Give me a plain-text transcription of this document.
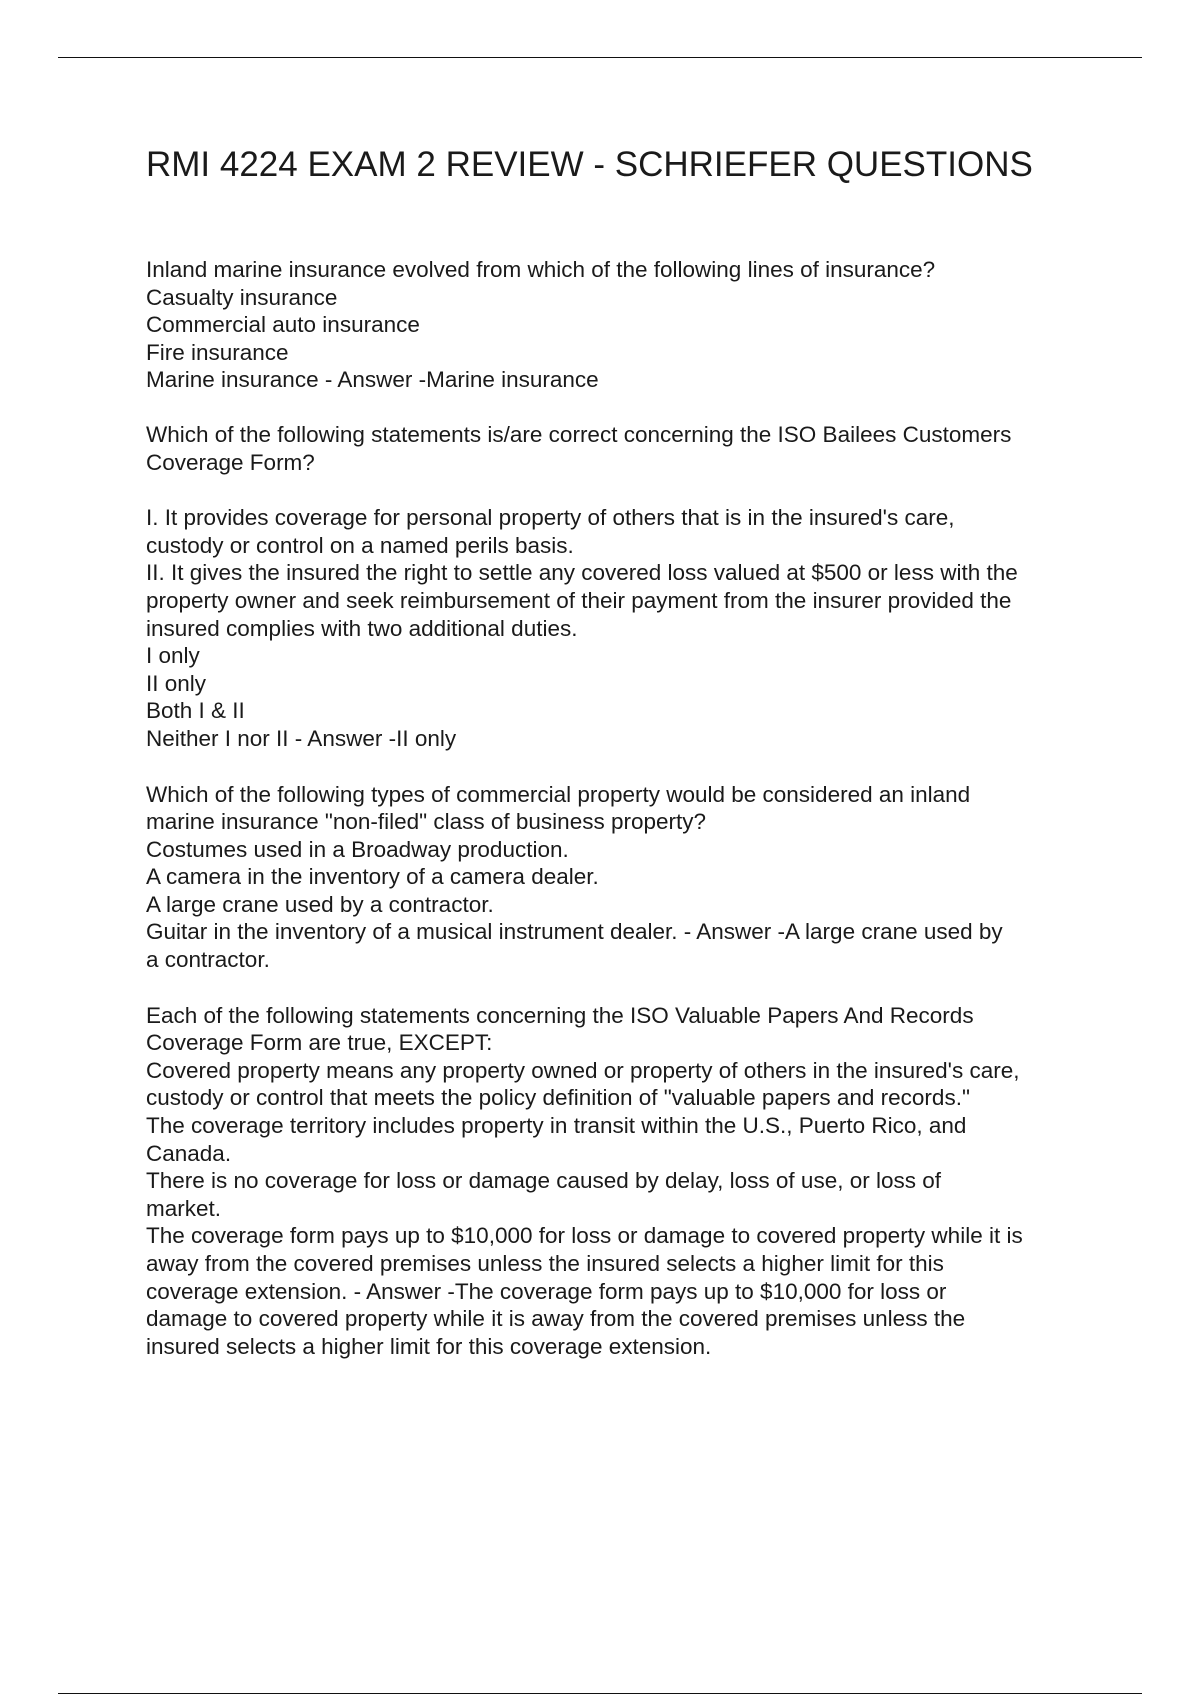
RMI 4224 EXAM 2 REVIEW - SCHRIEFER QUESTIONS
Inland marine insurance evolved from which of the following lines of insurance?
Casualty insurance
Commercial auto insurance
Fire insurance
Marine insurance - Answer -Marine insurance
Which of the following statements is/are correct concerning the ISO Bailees Customers
Coverage Form?
I. It provides coverage for personal property of others that is in the insured's care,
custody or control on a named perils basis.
II. It gives the insured the right to settle any covered loss valued at $500 or less with the
property owner and seek reimbursement of their payment from the insurer provided the
insured complies with two additional duties.
I only
II only
Both I & II
Neither I nor II - Answer -II only
Which of the following types of commercial property would be considered an inland
marine insurance "non-filed" class of business property?
Costumes used in a Broadway production.
A camera in the inventory of a camera dealer.
A large crane used by a contractor.
Guitar in the inventory of a musical instrument dealer. - Answer -A large crane used by
a contractor.
Each of the following statements concerning the ISO Valuable Papers And Records
Coverage Form are true, EXCEPT:
Covered property means any property owned or property of others in the insured's care,
custody or control that meets the policy definition of "valuable papers and records."
The coverage territory includes property in transit within the U.S., Puerto Rico, and
Canada.
There is no coverage for loss or damage caused by delay, loss of use, or loss of
market.
The coverage form pays up to $10,000 for loss or damage to covered property while it is
away from the covered premises unless the insured selects a higher limit for this
coverage extension. - Answer -The coverage form pays up to $10,000 for loss or
damage to covered property while it is away from the covered premises unless the
insured selects a higher limit for this coverage extension.
